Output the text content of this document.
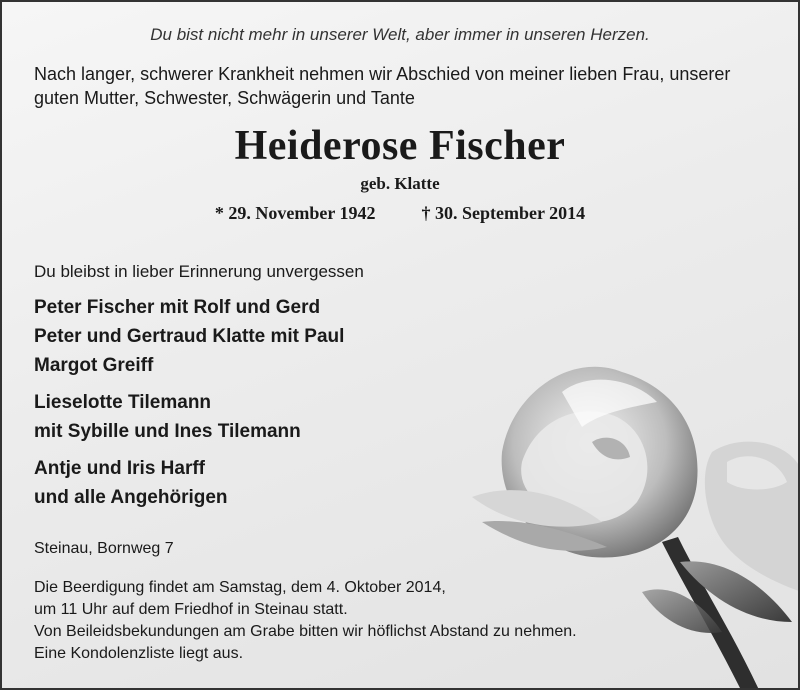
Du bist nicht mehr in unserer Welt, aber immer in unseren Herzen.

Nach langer, schwerer Krankheit nehmen wir Abschied von meiner lieben Frau, unserer
guten Mutter, Schwester, Schwägerin und Tante
Heiderose Fischer

geb. Klatte

* 29. November 1942	† 30. September 2014

Du bleibst in lieber Erinnerung unvergessen

Peter Fischer mit Rolf und Gerd
Peter und Gertraud Klatte mit Paul
Margot Greiff
Lieselotte Tilemann
mit Sybille und Ines Tilemann
Antje und Iris Harff
und alle Angehörigen

Steinau, Bornweg 7

Die Beerdigung findet am Samstag, dem 4. Oktober 2014,
um 11 Uhr auf dem Friedhof in Steinau statt.
Von Beileidsbekundungen am Grabe bitten wir höflichst Abstand zu nehmen.
Eine Kondolenzliste liegt aus.
